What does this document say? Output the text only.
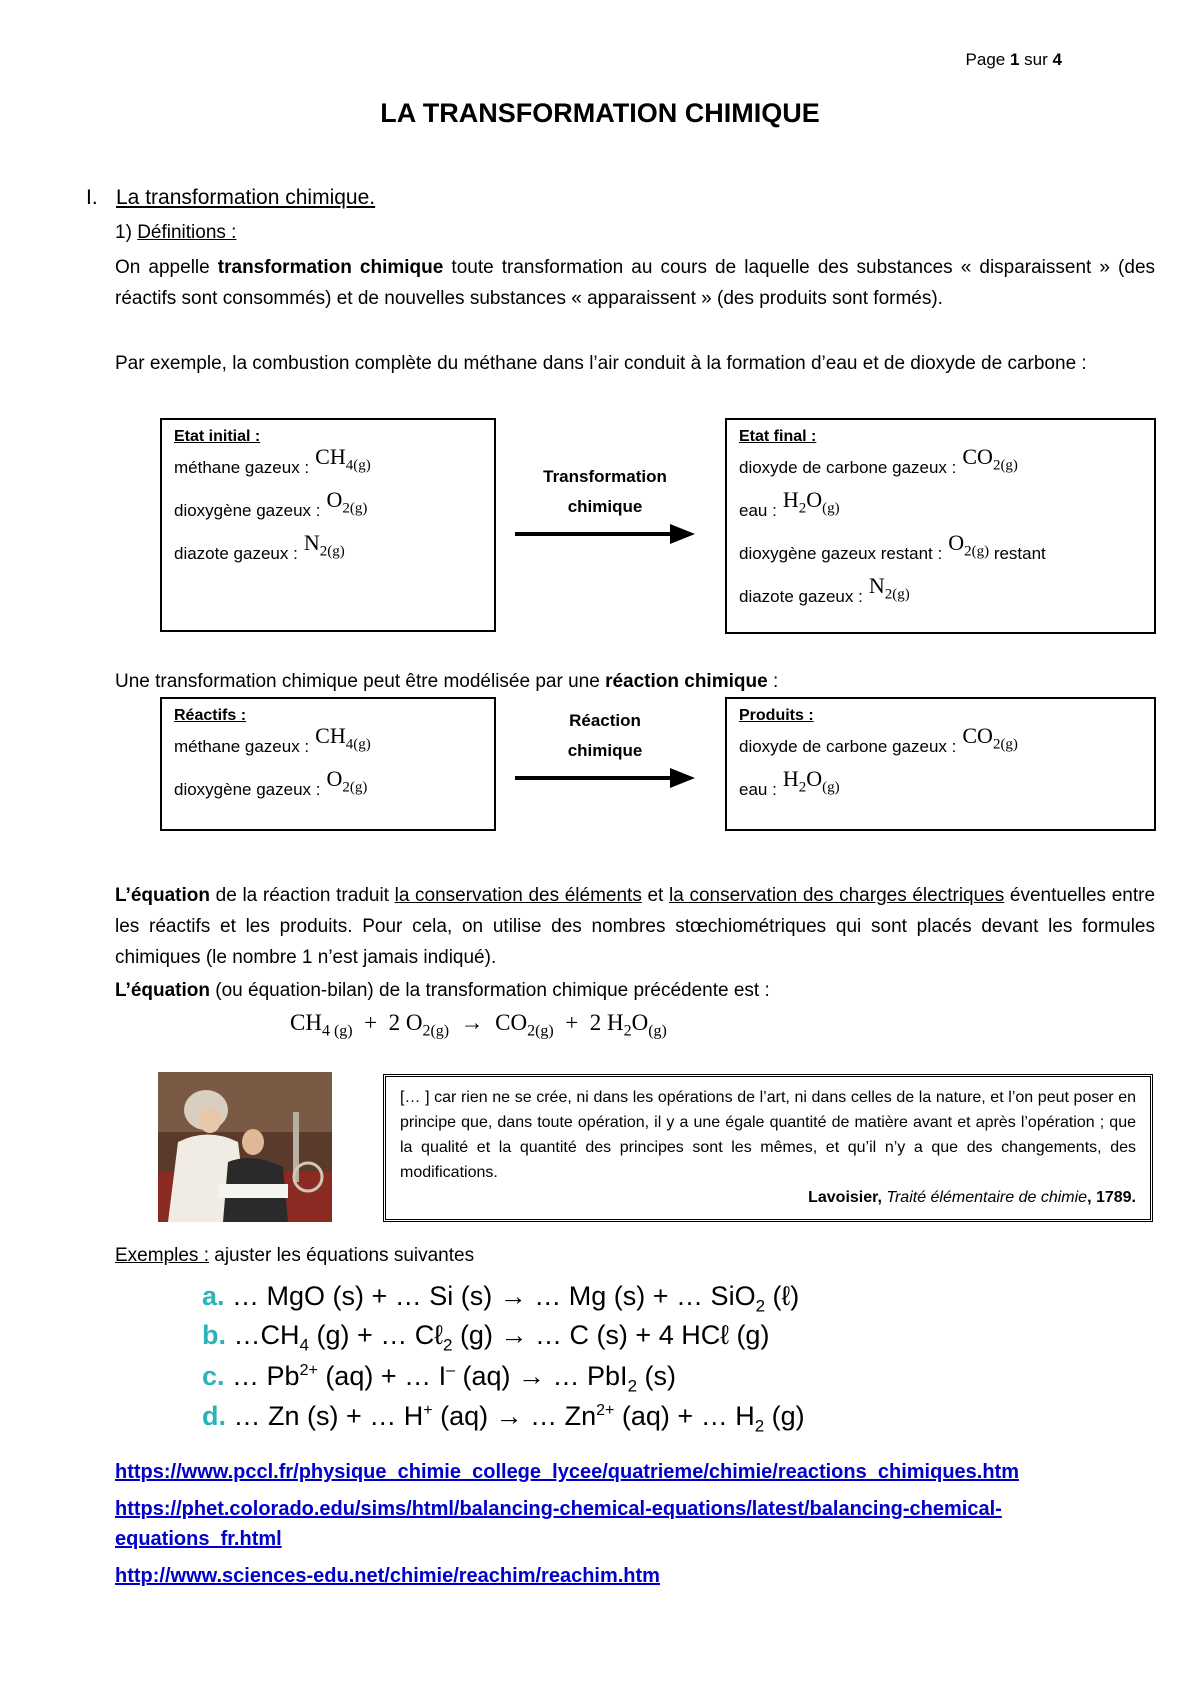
Page 1 sur 4
LA TRANSFORMATION CHIMIQUE
I. La transformation chimique.
1) Définitions :
On appelle transformation chimique toute transformation au cours de laquelle des substances « disparaissent » (des réactifs sont consommés) et de nouvelles substances « apparaissent » (des produits sont formés).
Par exemple, la combustion complète du méthane dans l’air conduit à la formation d’eau et de dioxyde de carbone :
Etat initial :
méthane gazeux : $CH_{4(g)}$
dioxygène gazeux : $O_{2(g)}$
diazote gazeux : $N_{2(g)}$
Transformation chimique
Etat final :
dioxyde de carbone gazeux : $CO_{2(g)}$
eau : $H_2O_{(g)}$
dioxygène gazeux restant : $O_{2(g)}$
restant
diazote gazeux : $N_{2(g)}$
Une transformation chimique peut être modélisée par une réaction chimique :
Réactifs :
méthane gazeux : $CH_{4(g)}$
dioxygène gazeux : $O_{2(g)}$
Réaction chimique
Produits :
dioxyde de carbone gazeux : $CO_{2(g)}$
eau : $H_2O_{(g)}$
L’équation de la réaction traduit la conservation des éléments et la conservation des charges électriques éventuelles entre les réactifs et les produits. Pour cela, on utilise des nombres stœchiométriques qui sont placés devant les formules chimiques (le nombre 1 n’est jamais indiqué).
L’équation (ou équation-bilan) de la transformation chimique précédente est :
$CH_{4 (g)} + 2$ $O_{2(g)} \to CO_{2(g)} + 2$ $H_2O_{(g)}$
[… ] car rien ne se crée, ni dans les opérations de l’art, ni dans celles de la nature, et l’on peut poser en principe que, dans toute opération, il y a une égale quantité de matière avant et après l’opération ; que la qualité et la quantité des principes sont les mêmes, et qu’il n’y a que des changements, des modifications.
Lavoisier, Traité élémentaire de chimie, 1789.
Exemples : ajuster les équations suivantes
a. … MgO (s) + … Si (s) → … Mg (s) + … SiO$_2$ (ℓ)
b. $\dots CH_4$ (g) + … Cℓ$_2$ (g) → … C (s) + 4 HCℓ (g)
c. … $Pb^{2+}$ (aq) + … I– (aq) → … PbI$_2$ (s)
d. … Zn (s) + … H+ (aq) → … $Zn^{2+}$ (aq) + … $H_2$ (g)
https://www.pccl.fr/physique_chimie_college_lycee/quatrieme/chimie/reactions_chimiques.htm
https://phet.colorado.edu/sims/html/balancing-chemical-equations/latest/balancing-chemical-
equations_fr.html
http://www.sciences-edu.net/chimie/reachim/reachim.htm
